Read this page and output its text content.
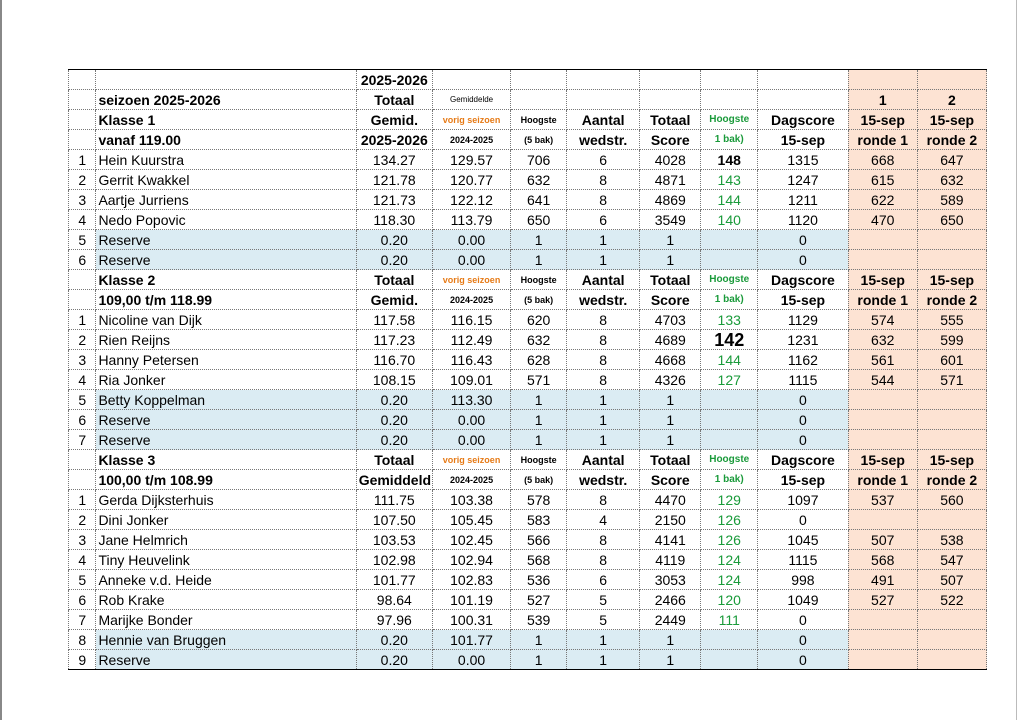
		2025-2026								
	seizoen 2025-2026	Totaal	Gemiddelde						1	2
	Klasse 1	Gemid.	vorig seizoen	Hoogste	Aantal	Totaal	Hoogste	Dagscore	15-sep	15-sep
	vanaf 119.00	2025-2026	2024-2025	(5 bak)	wedstr.	Score	1 bak)	15-sep	ronde 1	ronde 2
1	Hein Kuurstra	134.27	129.57	706	6	4028	148	1315	668	647
2	Gerrit Kwakkel	121.78	120.77	632	8	4871	143	1247	615	632
3	Aartje Jurriens	121.73	122.12	641	8	4869	144	1211	622	589
4	Nedo Popovic	118.30	113.79	650	6	3549	140	1120	470	650
5	Reserve	0.20	0.00	1	1	1		0		
6	Reserve	0.20	0.00	1	1	1		0		
	Klasse 2	Totaal	vorig seizoen	Hoogste	Aantal	Totaal	Hoogste	Dagscore	15-sep	15-sep
	109,00 t/m 118.99	Gemid.	2024-2025	(5 bak)	wedstr.	Score	1 bak)	15-sep	ronde 1	ronde 2
1	Nicoline van Dijk	117.58	116.15	620	8	4703	133	1129	574	555
2	Rien Reijns	117.23	112.49	632	8	4689	142	1231	632	599
3	Hanny Petersen	116.70	116.43	628	8	4668	144	1162	561	601
4	Ria Jonker	108.15	109.01	571	8	4326	127	1115	544	571
5	Betty Koppelman	0.20	113.30	1	1	1		0		
6	Reserve	0.20	0.00	1	1	1		0		
7	Reserve	0.20	0.00	1	1	1		0		
	Klasse 3	Totaal	vorig seizoen	Hoogste	Aantal	Totaal	Hoogste	Dagscore	15-sep	15-sep
	100,00 t/m 108.99	Gemiddeld	2024-2025	(5 bak)	wedstr.	Score	1 bak)	15-sep	ronde 1	ronde 2
1	Gerda Dijksterhuis	111.75	103.38	578	8	4470	129	1097	537	560
2	Dini Jonker	107.50	105.45	583	4	2150	126	0		
3	Jane Helmrich	103.53	102.45	566	8	4141	126	1045	507	538
4	Tiny Heuvelink	102.98	102.94	568	8	4119	124	1115	568	547
5	Anneke v.d. Heide	101.77	102.83	536	6	3053	124	998	491	507
6	Rob Krake	98.64	101.19	527	5	2466	120	1049	527	522
7	Marijke Bonder	97.96	100.31	539	5	2449	111	0		
8	Hennie van Bruggen	0.20	101.77	1	1	1		0		
9	Reserve	0.20	0.00	1	1	1		0		
